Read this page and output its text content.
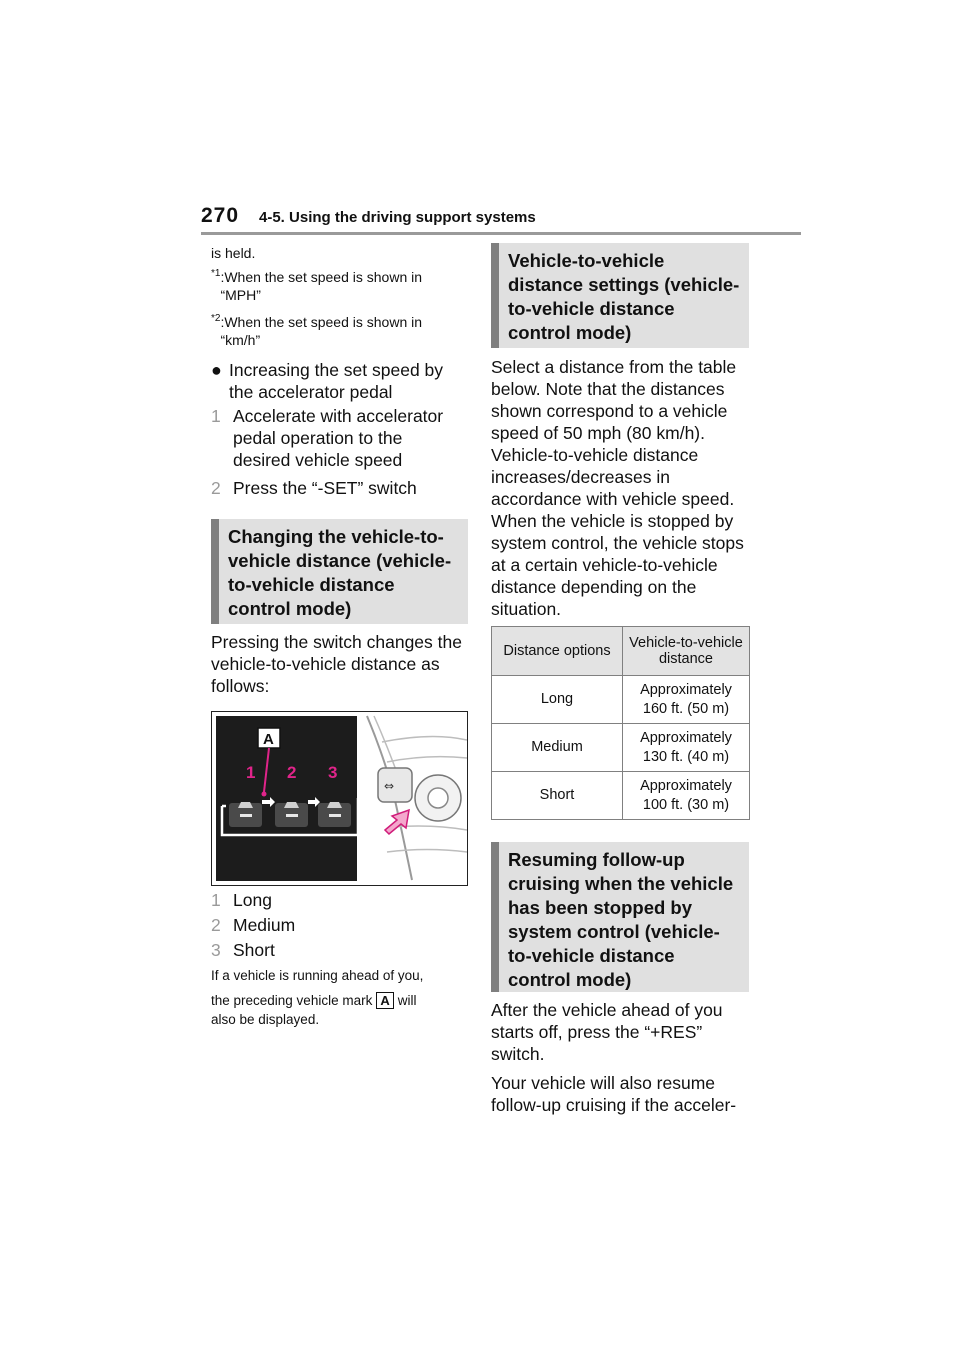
270 4-5. Using the driving support systems
is held.
$^{*1}$:When the set speed is shown in “MPH”
$^{*2}$:When the set speed is shown in “km/h”
● Increasing the set speed by the accelerator pedal
1 Accelerate with accelerator pedal operation to the desired vehicle speed
2 Press the “-SET” switch
Changing the vehicle-to-vehicle distance (vehicle-to-vehicle distance control mode)
Pressing the switch changes the vehicle-to-vehicle distance as follows:
1 2 3
A
⇔
1 Long
2 Medium
3 Short
If a vehicle is running ahead of you,
the preceding vehicle mark A will
also be displayed.
Vehicle-to-vehicle distance settings (vehicle-to-vehicle distance control mode)
Select a distance from the table below. Note that the distances shown correspond to a vehicle speed of 50 mph (80 km/h). Vehicle-to-vehicle distance increases/decreases in accordance with vehicle speed. When the vehicle is stopped by system control, the vehicle stops at a certain vehicle-to-vehicle distance depending on the situation.
Distance options	Vehicle-to-vehicle distance
Long	Approximately 160 ft. (50 m)
Medium	Approximately 130 ft. (40 m)
Short	Approximately 100 ft. (30 m)
Resuming follow-up cruising when the vehicle has been stopped by system control (vehicle-to-vehicle distance control mode)
After the vehicle ahead of you starts off, press the “+RES” switch.
Your vehicle will also resume follow-up cruising if the acceler-
